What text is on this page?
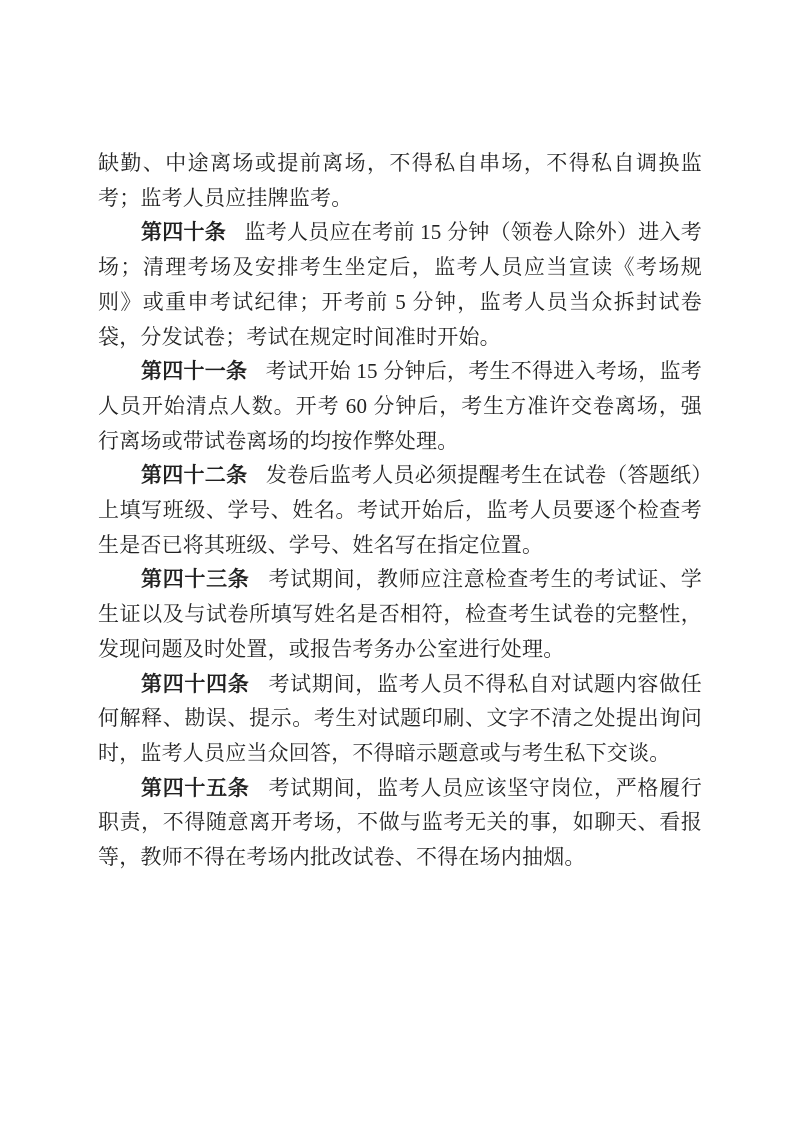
缺勤、中途离场或提前离场，不得私自串场，不得私自调换监考；监考人员应挂牌监考。

第四十条 监考人员应在考前 15 分钟（领卷人除外）进入考场；清理考场及安排考生坐定后，监考人员应当宣读《考场规则》或重申考试纪律；开考前 5 分钟，监考人员当众拆封试卷袋，分发试卷；考试在规定时间准时开始。

第四十一条 考试开始 15 分钟后，考生不得进入考场，监考人员开始清点人数。开考 60 分钟后，考生方准许交卷离场，强行离场或带试卷离场的均按作弊处理。

第四十二条 发卷后监考人员必须提醒考生在试卷（答题纸）上填写班级、学号、姓名。考试开始后，监考人员要逐个检查考生是否已将其班级、学号、姓名写在指定位置。

第四十三条 考试期间，教师应注意检查考生的考试证、学生证以及与试卷所填写姓名是否相符，检查考生试卷的完整性，发现问题及时处置，或报告考务办公室进行处理。

第四十四条 考试期间，监考人员不得私自对试题内容做任何解释、勘误、提示。考生对试题印刷、文字不清之处提出询问时，监考人员应当众回答，不得暗示题意或与考生私下交谈。

第四十五条 考试期间，监考人员应该坚守岗位，严格履行职责，不得随意离开考场，不做与监考无关的事，如聊天、看报等，教师不得在考场内批改试卷、不得在场内抽烟。
